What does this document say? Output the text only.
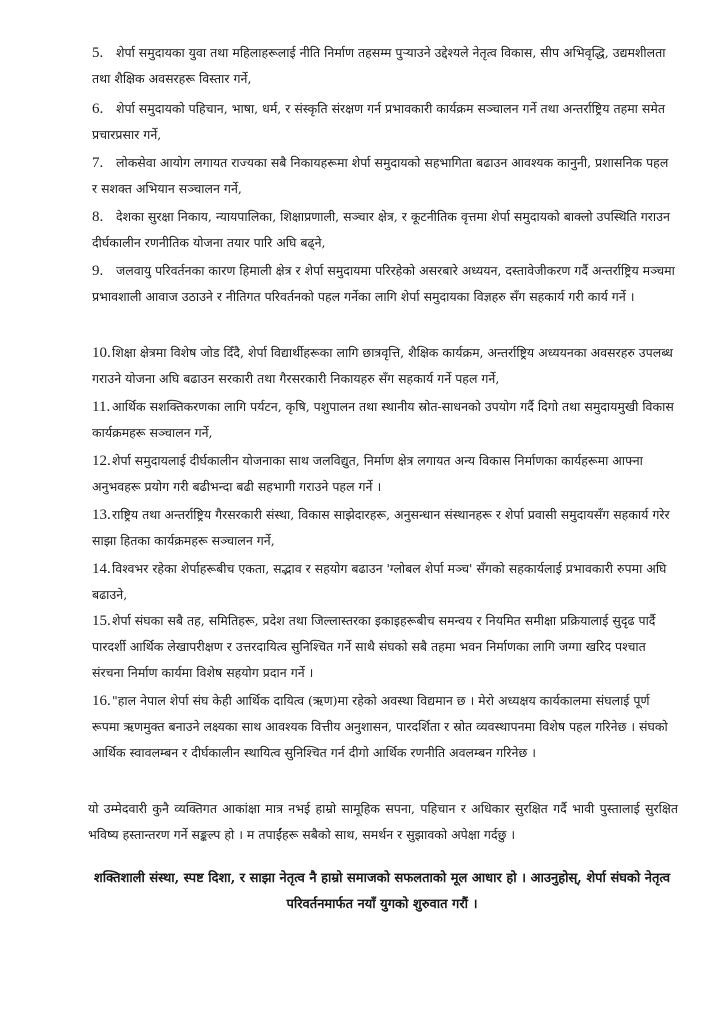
5. शेर्पा समुदायका युवा तथा महिलाहरूलाई नीति निर्माण तहसम्म पुर्‍याउने उद्देश्यले नेतृत्व विकास, सीप अभिवृद्धि, उद्यमशीलता तथा शैक्षिक अवसरहरू विस्तार गर्ने,
6. शेर्पा समुदायको पहिचान, भाषा, धर्म, र संस्कृति संरक्षण गर्न प्रभावकारी कार्यक्रम सञ्चालन गर्ने तथा अन्तर्राष्ट्रिय तहमा समेत प्रचारप्रसार गर्ने,
7. लोकसेवा आयोग लगायत राज्यका सबै निकायहरूमा शेर्पा समुदायको सहभागिता बढाउन आवश्यक कानुनी, प्रशासनिक पहल र सशक्त अभियान सञ्चालन गर्ने,
8. देशका सुरक्षा निकाय, न्यायपालिका, शिक्षाप्रणाली, सञ्चार क्षेत्र, र कूटनीतिक वृत्तमा शेर्पा समुदायको बाक्लो उपस्थिति गराउन दीर्घकालीन रणनीतिक योजना तयार पारि अघि बढ्ने,
9. जलवायु परिवर्तनका कारण हिमाली क्षेत्र र शेर्पा समुदायमा परिरहेको असरबारे अध्ययन, दस्तावेजीकरण गर्दै अन्तर्राष्ट्रिय मञ्चमा प्रभावशाली आवाज उठाउने र नीतिगत परिवर्तनको पहल गर्नेका लागि शेर्पा समुदायका विज्ञहरु सँग सहकार्य गरी कार्य गर्ने ।
10.शिक्षा क्षेत्रमा विशेष जोड दिँदै, शेर्पा विद्यार्थीहरूका लागि छात्रवृत्ति, शैक्षिक कार्यक्रम, अन्तर्राष्ट्रिय अध्ययनका अवसरहरु उपलब्ध गराउने योजना अघि बढाउन सरकारी तथा गैरसरकारी निकायहरु सँग सहकार्य गर्ने पहल गर्ने,
11. आर्थिक सशक्तिकरणका लागि पर्यटन, कृषि, पशुपालन तथा स्थानीय स्रोत-साधनको उपयोग गर्दै दिगो तथा समुदायमुखी विकास कार्यक्रमहरू सञ्चालन गर्ने,
12.शेर्पा समुदायलाई दीर्घकालीन योजनाका साथ जलविद्युत, निर्माण क्षेत्र लगायत अन्य विकास निर्माणका कार्यहरूमा आफ्ना अनुभवहरू प्रयोग गरी बढीभन्दा बढी सहभागी गराउने पहल गर्ने ।
13.राष्ट्रिय तथा अन्तर्राष्ट्रिय गैरसरकारी संस्था, विकास साझेदारहरू, अनुसन्धान संस्थानहरू र शेर्पा प्रवासी समुदायसँग सहकार्य गरेर साझा हितका कार्यक्रमहरू सञ्चालन गर्ने,
14.विश्वभर रहेका शेर्पाहरूबीच एकता, सद्भाव र सहयोग बढाउन 'ग्लोबल शेर्पा मञ्च' सँगको सहकार्यलाई प्रभावकारी रुपमा अघि बढाउने,
15.शेर्पा संघका सबै तह, समितिहरू, प्रदेश तथा जिल्लास्तरका इकाइहरूबीच समन्वय र नियमित समीक्षा प्रक्रियालाई सुदृढ पार्दै पारदर्शी आर्थिक लेखापरीक्षण र उत्तरदायित्व सुनिश्चित गर्ने साथै संघको सबै तहमा भवन निर्माणका लागि जग्गा खरिद पश्चात संरचना निर्माण कार्यमा विशेष सहयोग प्रदान गर्ने ।
16."हाल नेपाल शेर्पा संघ केही आर्थिक दायित्व (ऋण)मा रहेको अवस्था विद्यमान छ । मेरो अध्यक्षय कार्यकालमा संघलाई पूर्ण रूपमा ऋणमुक्त बनाउने लक्ष्यका साथ आवश्यक वित्तीय अनुशासन, पारदर्शिता र स्रोत व्यवस्थापनमा विशेष पहल गरिनेछ । संघको आर्थिक स्वावलम्बन र दीर्घकालीन स्थायित्व सुनिश्चित गर्न दीगो आर्थिक रणनीति अवलम्बन गरिनेछ ।

यो उम्मेदवारी कुनै व्यक्तिगत आकांक्षा मात्र नभई हाम्रो सामूहिक सपना, पहिचान र अधिकार सुरक्षित गर्दै भावी पुस्तालाई सुरक्षित भविष्य हस्तान्तरण गर्ने सङ्कल्प हो । म तपाईंहरू सबैको साथ, समर्थन र सुझावको अपेक्षा गर्दछु ।

शक्तिशाली संस्था, स्पष्ट दिशा, र साझा नेतृत्व नै हाम्रो समाजको सफलताको मूल आधार हो । आउनुहोस्, शेर्पा संघको नेतृत्व परिवर्तनमार्फत नयाँ युगको शुरुवात गरौं ।
